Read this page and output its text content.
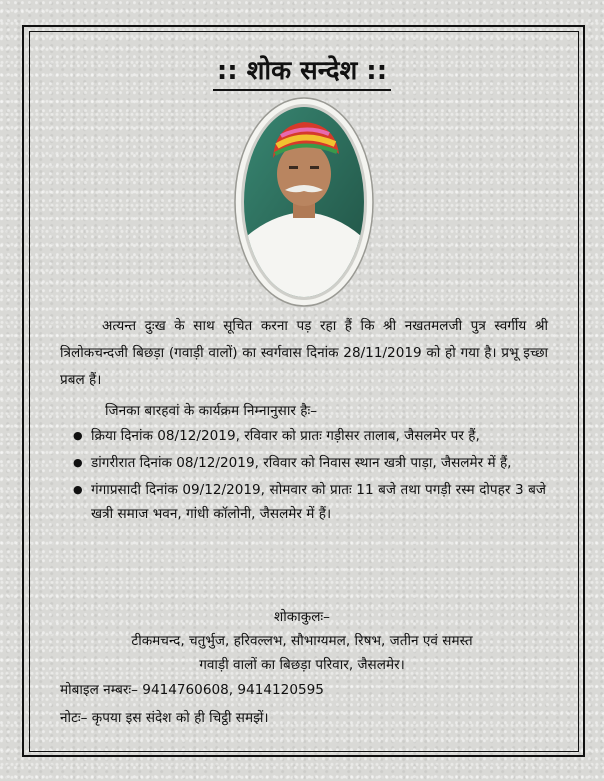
:: शोक सन्देश ::
अत्यन्त दुःख के साथ सूचित करना पड़ रहा हैं कि श्री नखतमलजी पुत्र स्वर्गीय श्री त्रिलोकचन्दजी बिछड़ा (गवाड़ी वालों) का स्वर्गवास दिनांक 28/11/2019 को हो गया है। प्रभू इच्छा प्रबल हैं।
जिनका बारहवां के कार्यक्रम निम्नानुसार हैः–
● क्रिया दिनांक 08/12/2019, रविवार को प्रातः गड़ीसर तालाब, जैसलमेर पर हैं,
● डांगरीरात दिनांक 08/12/2019, रविवार को निवास स्थान खत्री पाड़ा, जैसलमेर में हैं,
● गंगाप्रसादी दिनांक 09/12/2019, सोमवार को प्रातः 11 बजे तथा पगड़ी रस्म दोपहर 3 बजे खत्री समाज भवन, गांधी कॉलोनी, जैसलमेर में हैं।
शोकाकुलः–
टीकमचन्द, चतुर्भुज, हरिवल्लभ, सौभाग्यमल, रिषभ, जतीन एवं समस्त
गवाड़ी वालों का बिछड़ा परिवार, जैसलमेर।
मोबाइल नम्बरः– 9414760608, 9414120595
नोटः– कृपया इस संदेश को ही चिट्ठी समझें।
